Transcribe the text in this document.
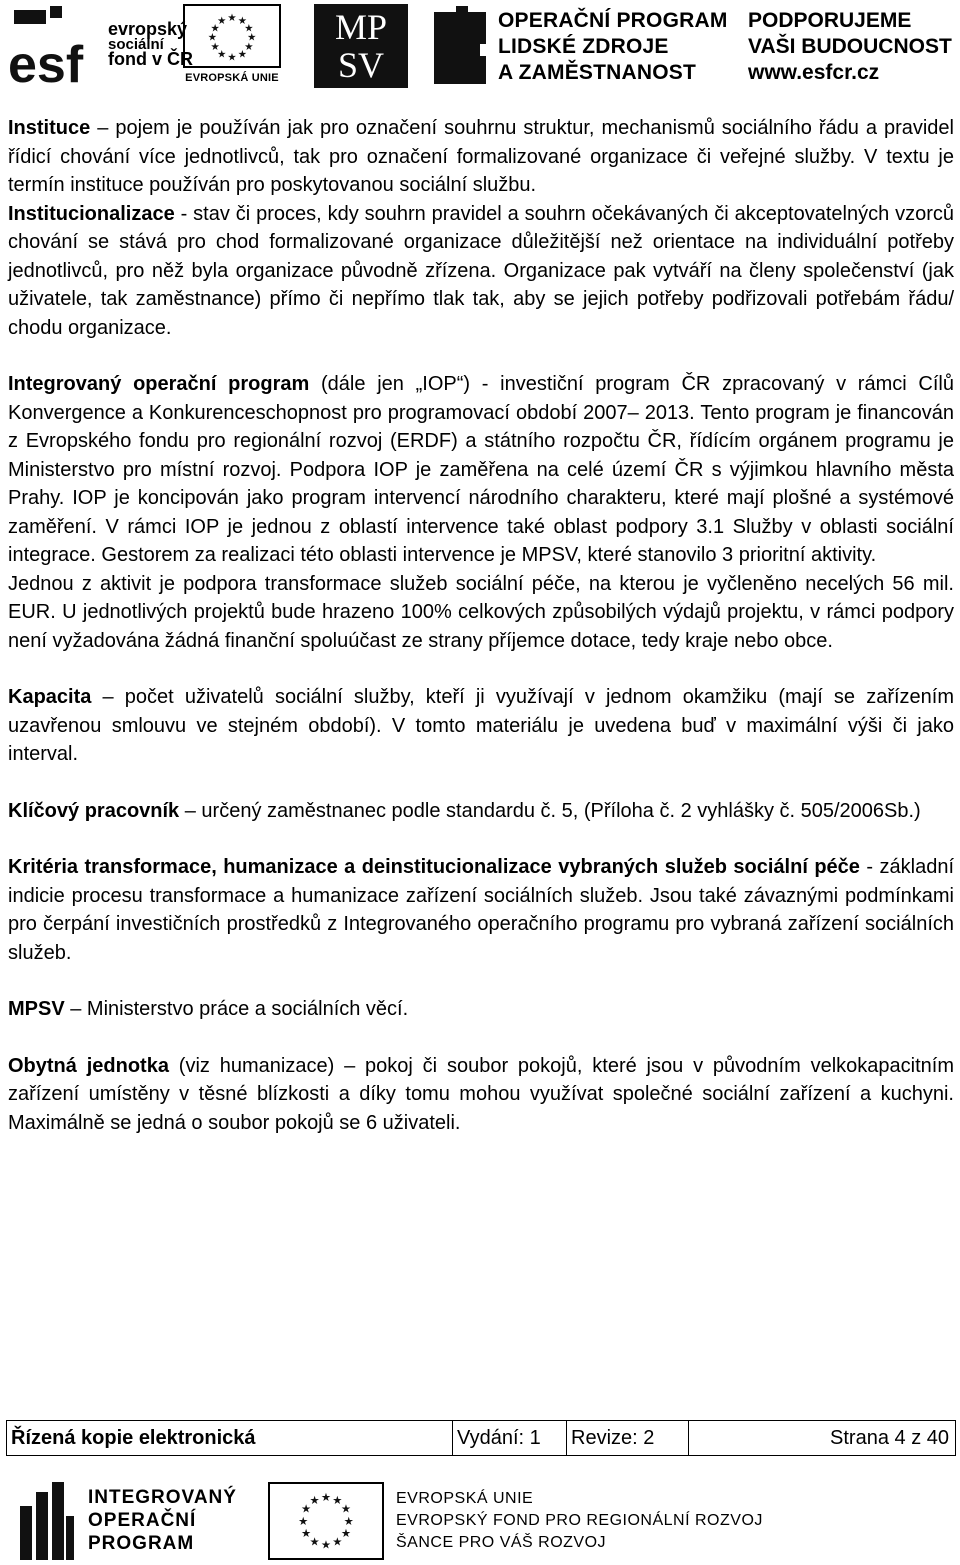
esf
evropský
sociální
fond v ČR
★ ★
★
★
★
★
★
★
★
★
★
★
EVROPSKÁ UNIE
MP
SV
OPERAČNÍ PROGRAM
LIDSKÉ ZDROJE
A ZAMĚSTNANOST
PODPORUJEME
VAŠI BUDOUCNOST
www.esfcr.cz

Instituce – pojem je používán jak pro označení souhrnu struktur, mechanismů sociálního řádu a pravidel řídicí chování více jednotlivců, tak pro označení formalizované organizace či veřejné služby. V textu je termín instituce používán pro poskytovanou sociální službu.

Institucionalizace - stav či proces, kdy souhrn pravidel a souhrn očekávaných či akceptovatelných vzorců chování se stává pro chod formalizované organizace důležitější než orientace na individuální potřeby jednotlivců, pro něž byla organizace původně zřízena. Organizace pak vytváří na členy společenství (jak uživatele, tak zaměstnance) přímo či nepřímo tlak tak, aby se jejich potřeby podřizovali potřebám řádu/ chodu organizace.

Integrovaný operační program (dále jen „IOP“) - investiční program ČR zpracovaný v rámci Cílů Konvergence a Konkurenceschopnost pro programovací období 2007– 2013. Tento program je financován z Evropského fondu pro regionální rozvoj (ERDF) a státního rozpočtu ČR, řídícím orgánem programu je Ministerstvo pro místní rozvoj. Podpora IOP je zaměřena na celé území ČR s výjimkou hlavního města Prahy. IOP je koncipován jako program intervencí národního charakteru, které mají plošné a systémové zaměření. V rámci IOP je jednou z oblastí intervence také oblast podpory 3.1 Služby v oblasti sociální integrace. Gestorem za realizaci této oblasti intervence je MPSV, které stanovilo 3 prioritní aktivity.

Jednou z aktivit je podpora transformace služeb sociální péče, na kterou je vyčleněno necelých 56 mil. EUR. U jednotlivých projektů bude hrazeno 100% celkových způsobilých výdajů projektu, v rámci podpory není vyžadována žádná finanční spoluúčast ze strany příjemce dotace, tedy kraje nebo obce.

Kapacita – počet uživatelů sociální služby, kteří ji využívají v jednom okamžiku (mají se zařízením uzavřenou smlouvu ve stejném období). V tomto materiálu je uvedena buď v maximální výši či jako interval.

Klíčový pracovník – určený zaměstnanec podle standardu č. 5, (Příloha č. 2 vyhlášky č. 505/2006Sb.)

Kritéria transformace, humanizace a deinstitucionalizace vybraných služeb sociální péče - základní indicie procesu transformace a humanizace zařízení sociálních služeb. Jsou také závaznými podmínkami pro čerpání investičních prostředků z Integrovaného operačního programu pro vybraná zařízení sociálních služeb.

MPSV – Ministerstvo práce a sociálních věcí.

Obytná jednotka (viz humanizace) – pokoj či soubor pokojů, které jsou v původním velkokapacitním zařízení umístěny v těsné blízkosti a díky tomu mohou využívat společné sociální zařízení a kuchyni. Maximálně se jedná o soubor pokojů se 6 uživateli.

Řízená kopie elektronická	Vydání: 1	Revize: 2	Strana 4 z 40
INTEGROVANÝ
OPERAČNÍ
PROGRAM
★ ★
★
★
★
★
★
★
★
★
★
★	EVROPSKÁ UNIE
EVROPSKÝ FOND PRO REGIONÁLNÍ ROZVOJ
ŠANCE PRO VÁŠ ROZVOJ
